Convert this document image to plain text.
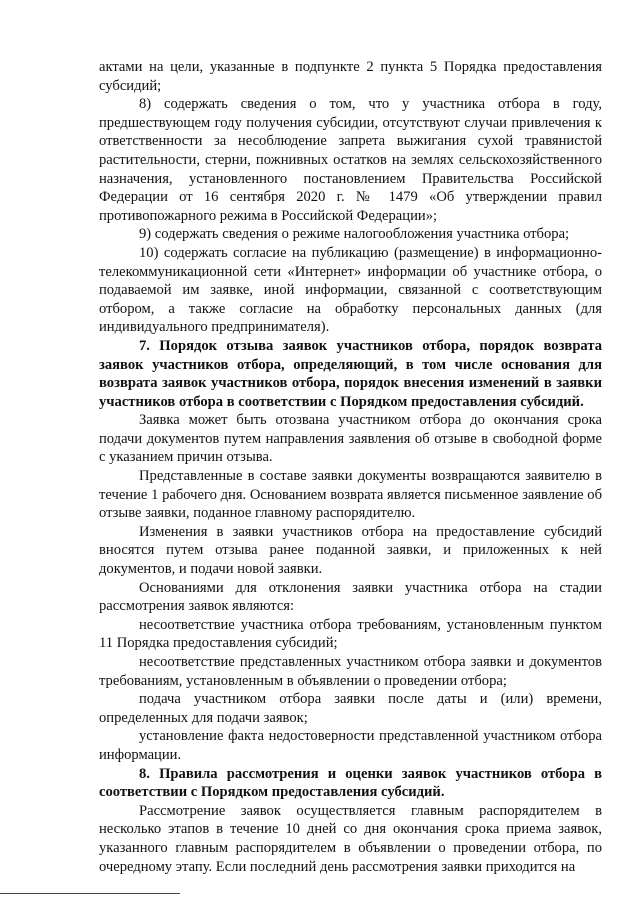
актами на цели, указанные в подпункте 2 пункта 5 Порядка предоставления субсидий;

8) содержать сведения о том, что у участника отбора в году, предшествующем году получения субсидии, отсутствуют случаи привлечения к ответственности за несоблюдение запрета выжигания сухой травянистой растительности, стерни, пожнивных остатков на землях сельскохозяйственного назначения, установленного постановлением Правительства Российской Федерации от 16 сентября 2020 г. № 1479 «Об утверждении правил противопожарного режима в Российской Федерации»;

9) содержать сведения о режиме налогообложения участника отбора;

10) содержать согласие на публикацию (размещение) в информационно-телекоммуникационной сети «Интернет» информации об участнике отбора, о подаваемой им заявке, иной информации, связанной с соответствующим отбором, а также согласие на обработку персональных данных (для индивидуального предпринимателя).

7. Порядок отзыва заявок участников отбора, порядок возврата заявок участников отбора, определяющий, в том числе основания для возврата заявок участников отбора, порядок внесения изменений в заявки участников отбора в соответствии с Порядком предоставления субсидий.

Заявка может быть отозвана участником отбора до окончания срока подачи документов путем направления заявления об отзыве в свободной форме с указанием причин отзыва.

Представленные в составе заявки документы возвращаются заявителю в течение 1 рабочего дня. Основанием возврата является письменное заявление об отзыве заявки, поданное главному распорядителю.

Изменения в заявки участников отбора на предоставление субсидий вносятся путем отзыва ранее поданной заявки, и приложенных к ней документов, и подачи новой заявки.

Основаниями для отклонения заявки участника отбора на стадии рассмотрения заявок являются:

несоответствие участника отбора требованиям, установленным пунктом 11 Порядка предоставления субсидий;

несоответствие представленных участником отбора заявки и документов требованиям, установленным в объявлении о проведении отбора;

подача участником отбора заявки после даты и (или) времени, определенных для подачи заявок;

установление факта недостоверности представленной участником отбора информации.

8. Правила рассмотрения и оценки заявок участников отбора в соответствии с Порядком предоставления субсидий.

Рассмотрение заявок осуществляется главным распорядителем в несколько этапов в течение 10 дней со дня окончания срока приема заявок, указанного главным распорядителем в объявлении о проведении отбора, по очередному этапу. Если последний день рассмотрения заявки приходится на
